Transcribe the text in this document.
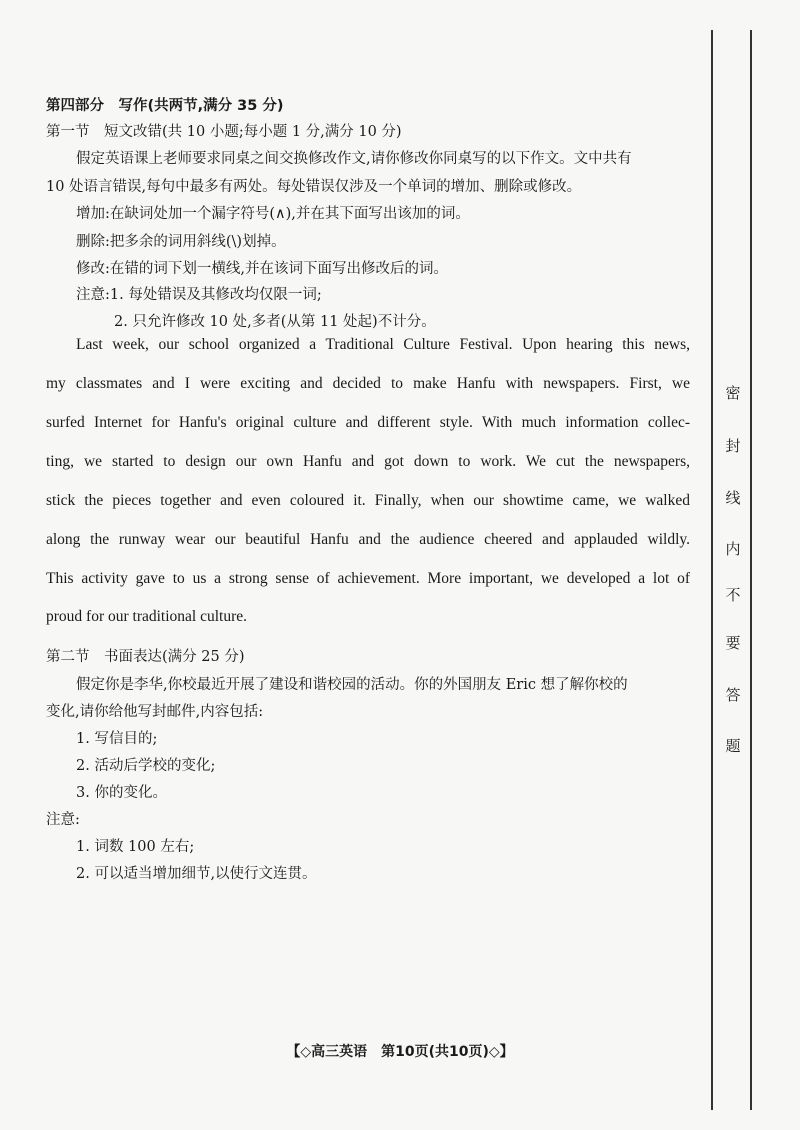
第四部分　写作(共两节,满分 35 分)
第一节　短文改错(共 10 小题;每小题 1 分,满分 10 分)
假定英语课上老师要求同桌之间交换修改作文,请你修改你同桌写的以下作文。文中共有
10 处语言错误,每句中最多有两处。每处错误仅涉及一个单词的增加、删除或修改。
增加:在缺词处加一个漏字符号(∧),并在其下面写出该加的词。
删除:把多余的词用斜线(\)划掉。
修改:在错的词下划一横线,并在该词下面写出修改后的词。
注意:1. 每处错误及其修改均仅限一词;
2. 只允许修改 10 处,多者(从第 11 处起)不计分。
Last week, our school organized a Traditional Culture Festival. Upon hearing this news,
my classmates and I were exciting and decided to make Hanfu with newspapers. First, we
surfed Internet for Hanfu's original culture and different style. With much information collec-
ting, we started to design our own Hanfu and got down to work. We cut the newspapers,
stick the pieces together and even coloured it. Finally, when our showtime came, we walked
along the runway wear our beautiful Hanfu and the audience cheered and applauded wildly.
This activity gave to us a strong sense of achievement. More important, we developed a lot of
proud for our traditional culture.
第二节　书面表达(满分 25 分)
假定你是李华,你校最近开展了建设和谐校园的活动。你的外国朋友 Eric 想了解你校的
变化,请你给他写封邮件,内容包括:
1. 写信目的;
2. 活动后学校的变化;
3. 你的变化。
注意:
1. 词数 100 左右;
2. 可以适当增加细节,以使行文连贯。
密
封
线
内
不
要
答
题
【◇高三英语　第10页(共10页)◇】
